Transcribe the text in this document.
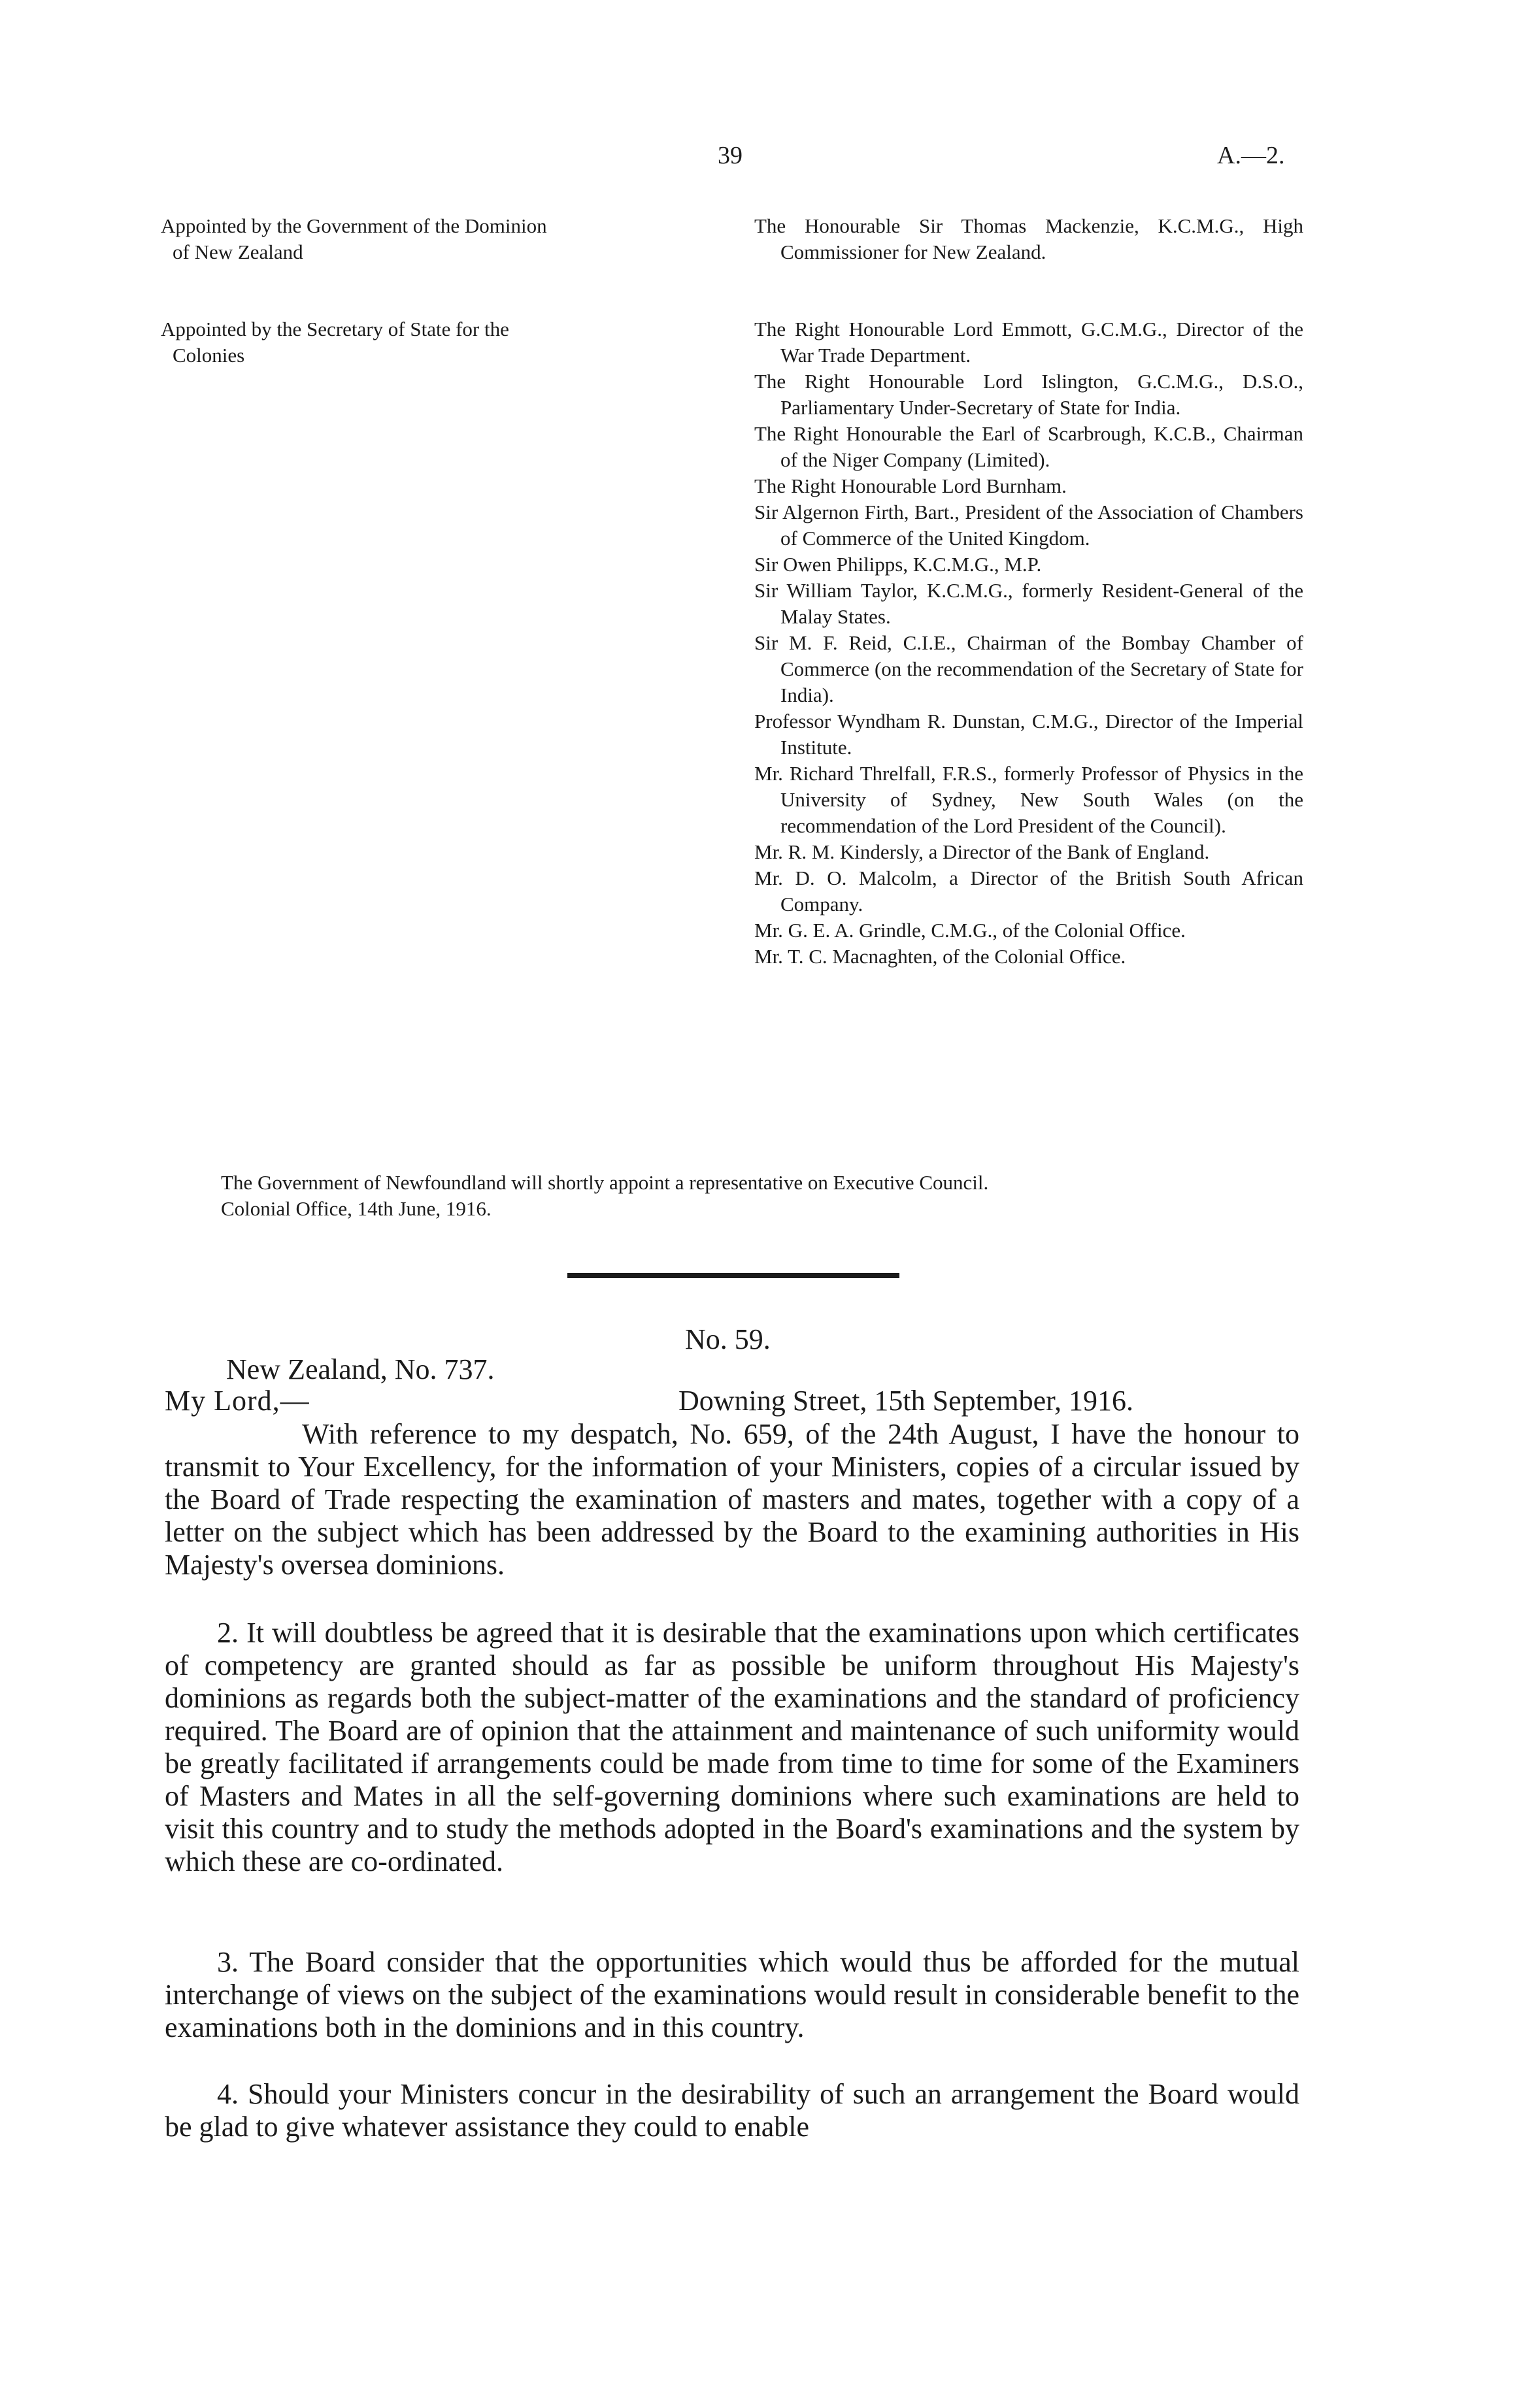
39	A.—2.
Appointed by the Government of the Dominion
of New Zealand

The Honourable Sir Thomas Mackenzie, K.C.M.G., High Commissioner for New Zealand.

Appointed by the Secretary of State for the
Colonies

The Right Honourable Lord Emmott, G.C.M.G., Director of the War Trade Department.

The Right Honourable Lord Islington, G.C.M.G., D.S.O., Parliamentary Under-Secretary of State for India.

The Right Honourable the Earl of Scarbrough, K.C.B., Chairman of the Niger Company (Limited).

The Right Honourable Lord Burnham.

Sir Algernon Firth, Bart., President of the Association of Chambers of Commerce of the United Kingdom.

Sir Owen Philipps, K.C.M.G., M.P.

Sir William Taylor, K.C.M.G., formerly Resident-General of the Malay States.

Sir M. F. Reid, C.I.E., Chairman of the Bombay Chamber of Commerce (on the recommendation of the Secretary of State for India).

Professor Wyndham R. Dunstan, C.M.G., Director of the Imperial Institute.

Mr. Richard Threlfall, F.R.S., formerly Professor of Physics in the University of Sydney, New South Wales (on the recommendation of the Lord President of the Council).

Mr. R. M. Kindersly, a Director of the Bank of England.

Mr. D. O. Malcolm, a Director of the British South African Company.

Mr. G. E. A. Grindle, C.M.G., of the Colonial Office.

Mr. T. C. Macnaghten, of the Colonial Office.

The Government of Newfoundland will shortly appoint a representative on Executive Council.
Colonial Office, 14th June, 1916.
No. 59.
New Zealand, No. 737.
My Lord,—	Downing Street, 15th September, 1916.

With reference to my despatch, No. 659, of the 24th August, I have the honour to transmit to Your Excellency, for the information of your Ministers, copies of a circular issued by the Board of Trade respecting the examination of masters and mates, together with a copy of a letter on the subject which has been addressed by the Board to the examining authorities in His Majesty's oversea dominions.

2. It will doubtless be agreed that it is desirable that the examinations upon which certificates of competency are granted should as far as possible be uniform throughout His Majesty's dominions as regards both the subject-matter of the examinations and the standard of proficiency required. The Board are of opinion that the attainment and maintenance of such uniformity would be greatly facilitated if arrangements could be made from time to time for some of the Examiners of Masters and Mates in all the self-governing dominions where such examinations are held to visit this country and to study the methods adopted in the Board's examinations and the system by which these are co-ordinated.

3. The Board consider that the opportunities which would thus be afforded for the mutual interchange of views on the subject of the examinations would result in considerable benefit to the examinations both in the dominions and in this country.

4. Should your Ministers concur in the desirability of such an arrangement the Board would be glad to give whatever assistance they could to enable
